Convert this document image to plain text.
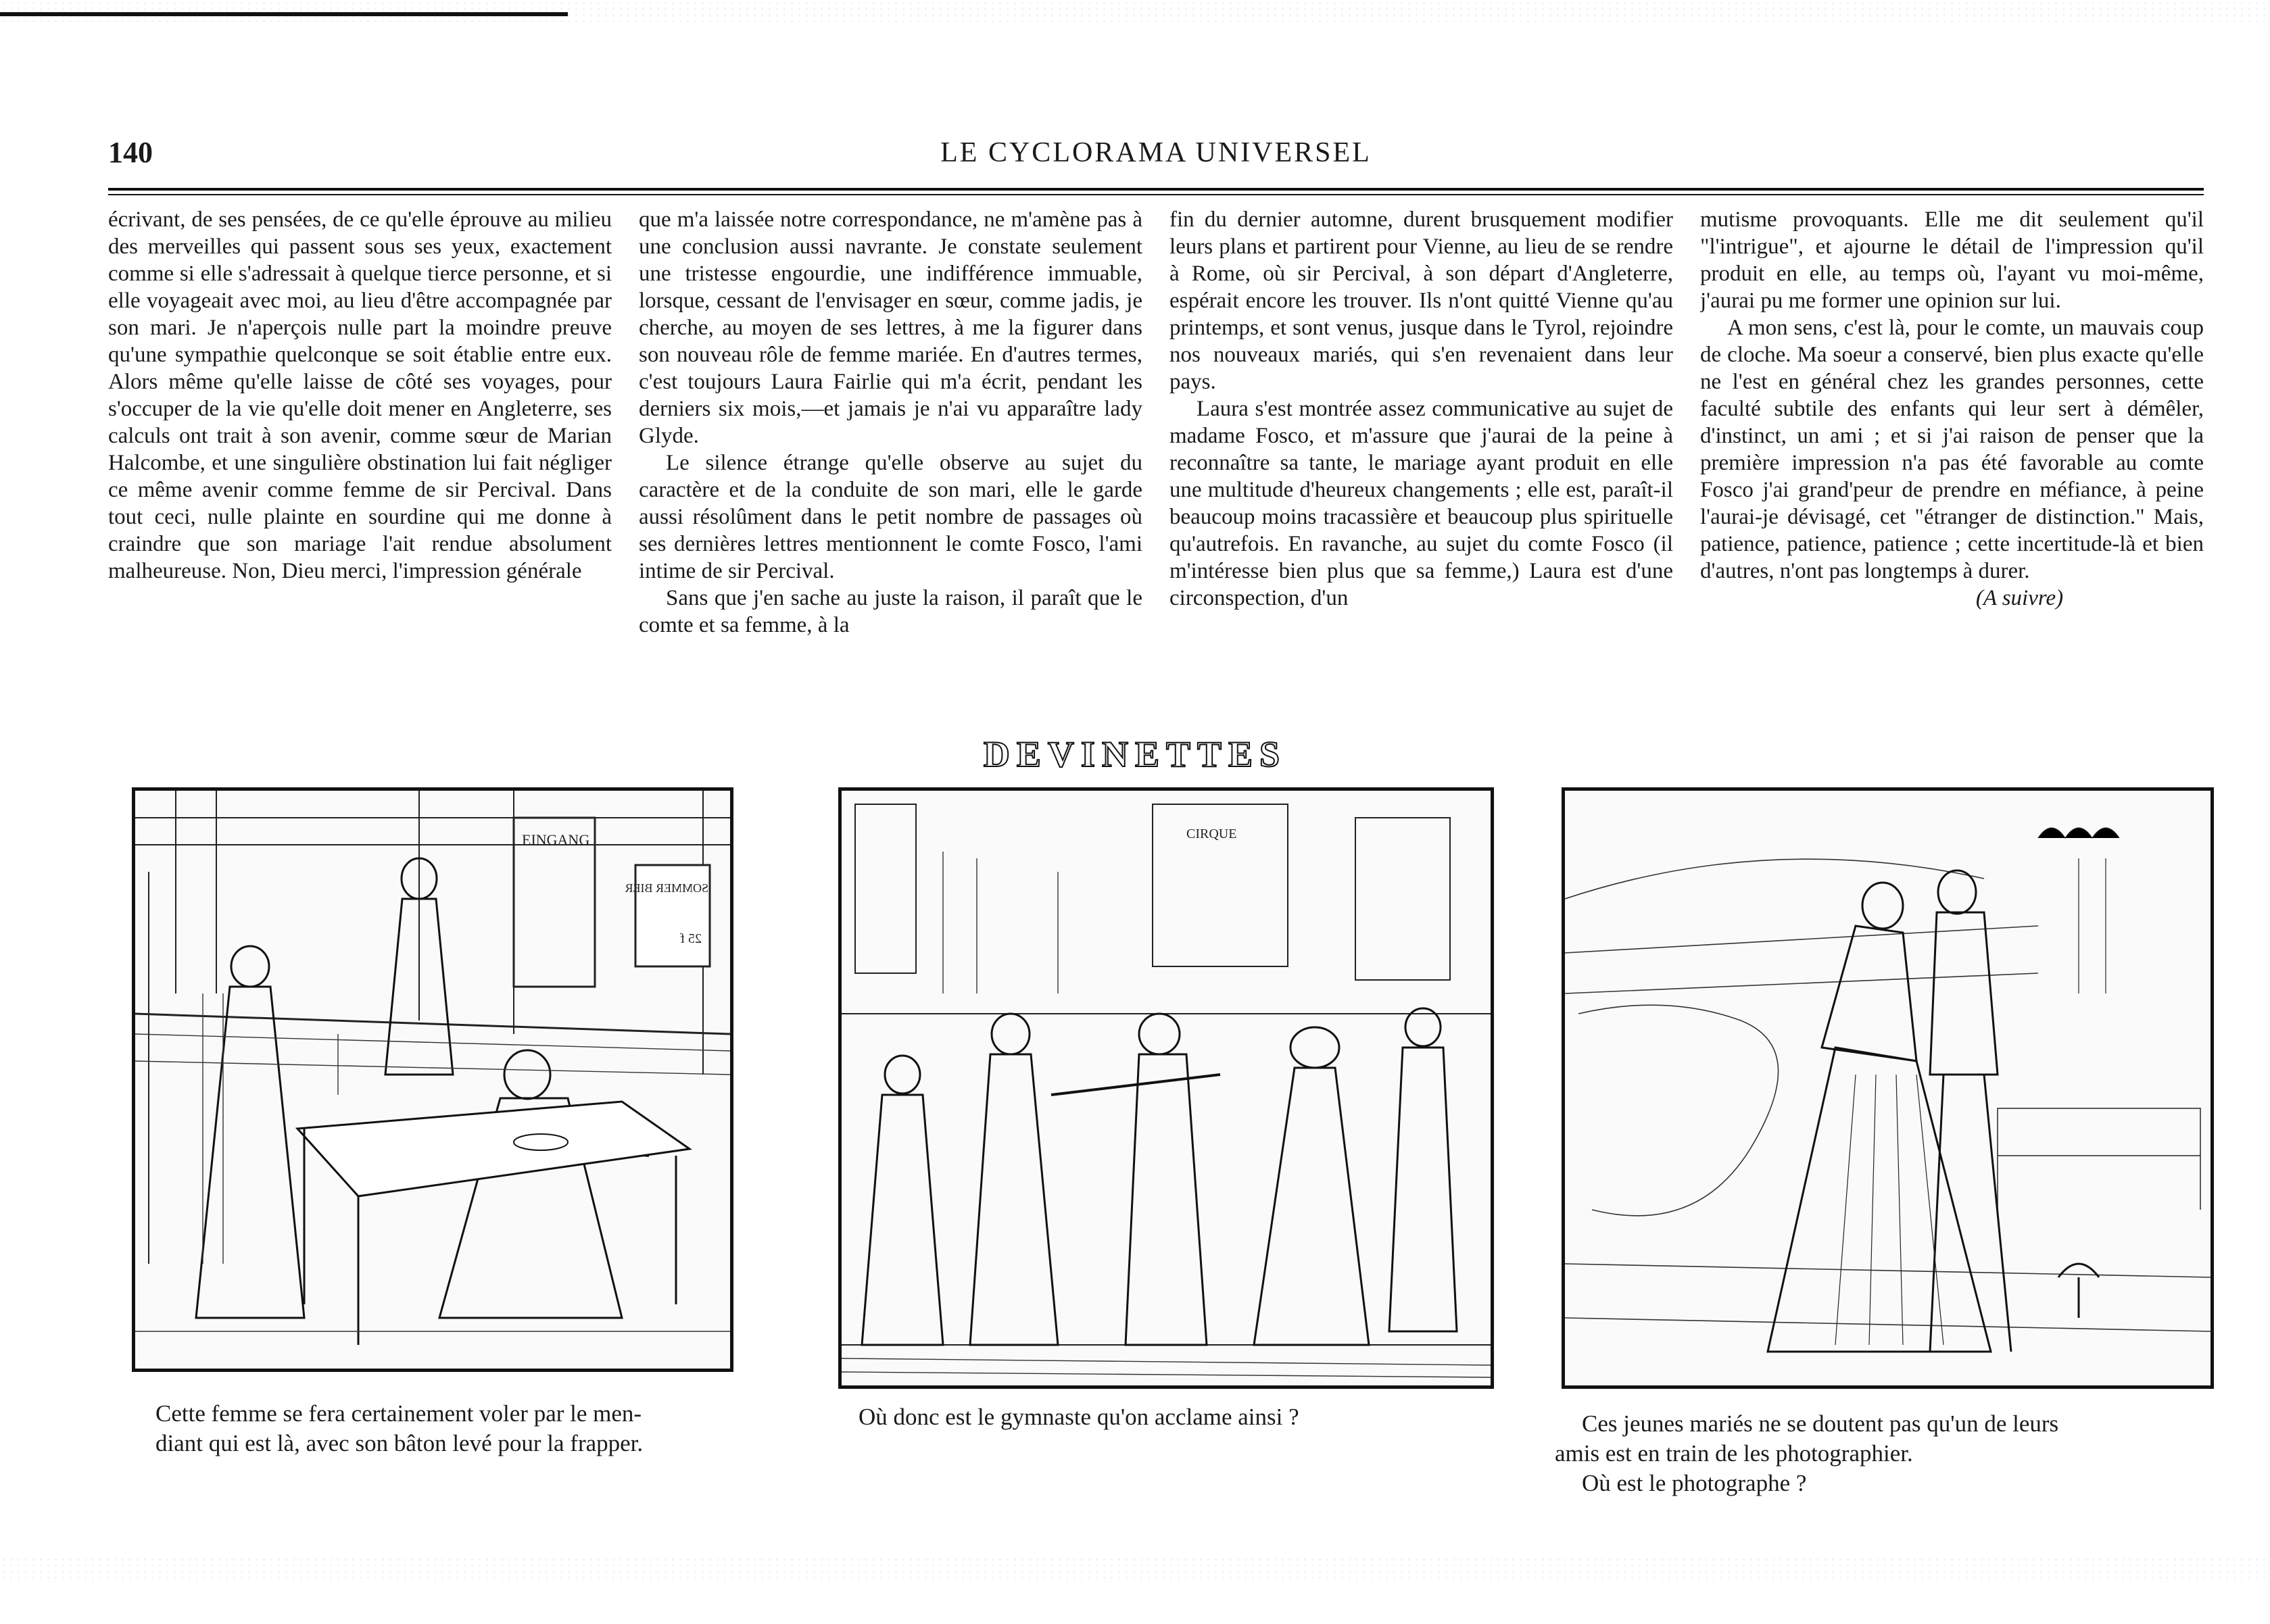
140	LE CYCLORAMA UNIVERSEL

écrivant, de ses pensées, de ce qu'elle éprouve au milieu des merveilles qui passent sous ses yeux, exactement comme si elle s'adressait à quelque tierce personne, et si elle voyageait avec moi, au lieu d'être accompagnée par son mari. Je n'aperçois nulle part la moindre preuve qu'une sympathie quelconque se soit établie entre eux. Alors même qu'elle laisse de côté ses voyages, pour s'occuper de la vie qu'elle doit mener en Angleterre, ses calculs ont trait à son avenir, comme sœur de Marian Halcombe, et une singulière obstination lui fait négliger ce même avenir comme femme de sir Percival. Dans tout ceci, nulle plainte en sourdine qui me donne à craindre que son mariage l'ait rendue absolument malheureuse. Non, Dieu merci, l'impression générale

que m'a laissée notre correspondance, ne m'amène pas à une conclusion aussi navrante. Je constate seulement une tristesse engourdie, une indifférence immuable, lorsque, cessant de l'envisager en sœur, comme jadis, je cherche, au moyen de ses lettres, à me la figurer dans son nouveau rôle de femme mariée. En d'autres termes, c'est toujours Laura Fairlie qui m'a écrit, pendant les derniers six mois,—et jamais je n'ai vu apparaître lady Glyde.

Le silence étrange qu'elle observe au sujet du caractère et de la conduite de son mari, elle le garde aussi résolûment dans le petit nombre de passages où ses dernières lettres mentionnent le comte Fosco, l'ami intime de sir Percival.

Sans que j'en sache au juste la raison, il paraît que le comte et sa femme, à la

fin du dernier automne, durent brusquement modifier leurs plans et partirent pour Vienne, au lieu de se rendre à Rome, où sir Percival, à son départ d'Angleterre, espérait encore les trouver. Ils n'ont quitté Vienne qu'au printemps, et sont venus, jusque dans le Tyrol, rejoindre nos nouveaux mariés, qui s'en revenaient dans leur pays.

Laura s'est montrée assez communicative au sujet de madame Fosco, et m'assure que j'aurai de la peine à reconnaître sa tante, le mariage ayant produit en elle une multitude d'heureux changements ; elle est, paraît-il beaucoup moins tracassière et beaucoup plus spirituelle qu'autrefois. En ravanche, au sujet du comte Fosco (il m'intéresse bien plus que sa femme,) Laura est d'une circonspection, d'un

mutisme provoquants. Elle me dit seulement qu'il "l'intrigue", et ajourne le détail de l'impression qu'il produit en elle, au temps où, l'ayant vu moi-même, j'aurai pu me former une opinion sur lui.

A mon sens, c'est là, pour le comte, un mauvais coup de cloche. Ma soeur a conservé, bien plus exacte qu'elle ne l'est en général chez les grandes personnes, cette faculté subtile des enfants qui leur sert à démêler, d'instinct, un ami ; et si j'ai raison de penser que la première impression n'a pas été favorable au comte Fosco j'ai grand'peur de prendre en méfiance, à peine l'aurai-je dévisagé, cet "étranger de distinction." Mais, patience, patience, patience ; cette incertitude-là et bien d'autres, n'ont pas longtemps à durer.

(A suivre)
DEVINETTES
EINGANG
SOMMER BIER
25 f
Cette femme se fera certainement voler par le men-
diant qui est là, avec son bâton levé pour la frapper.
CIRQUE
Où donc est le gymnaste qu'on acclame ainsi ?	Ces jeunes mariés ne se doutent pas qu'un de leurs
amis est en train de les photographier.
Où est le photographe ?
